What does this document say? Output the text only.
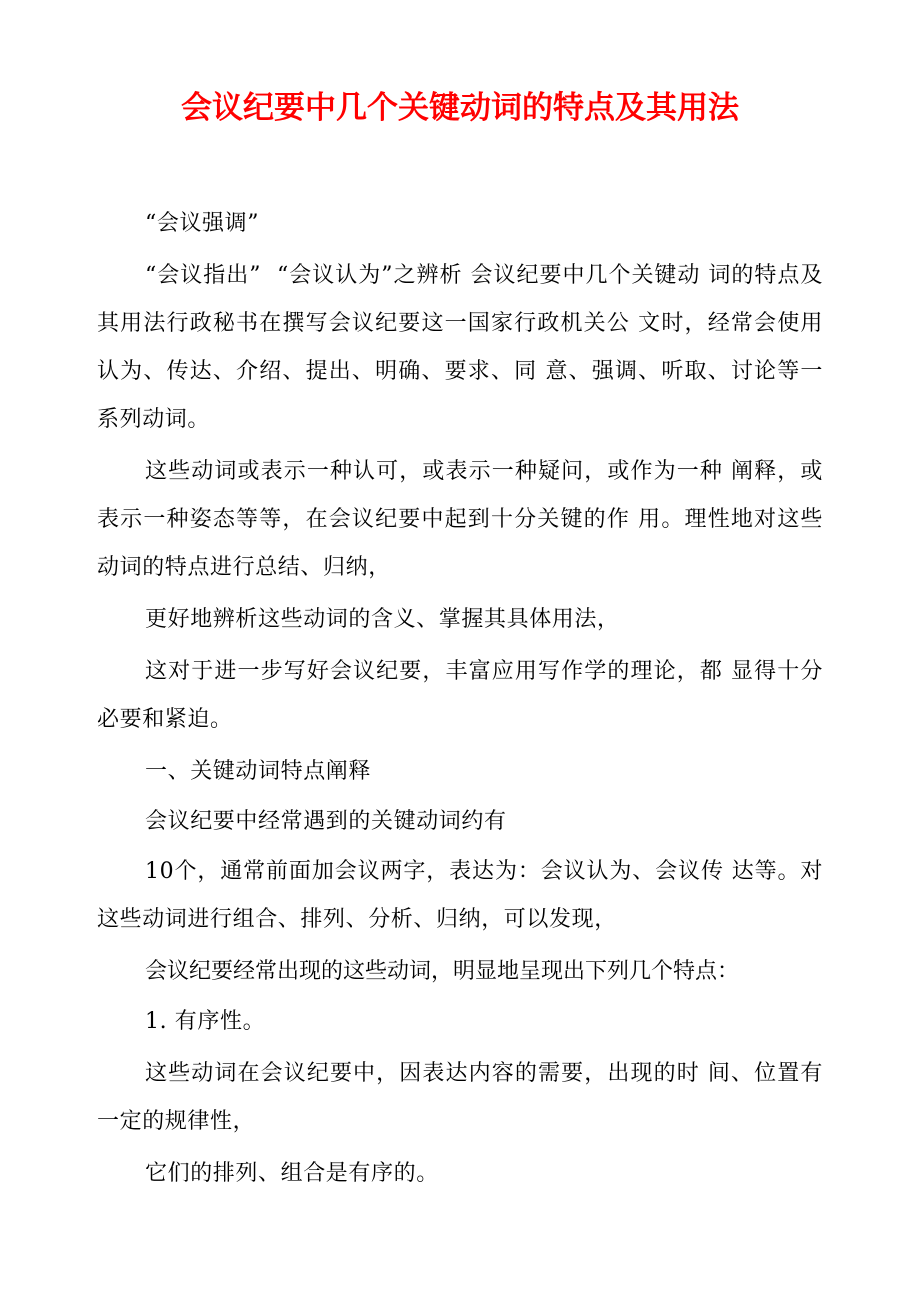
会议纪要中几个关键动词的特点及其用法

“会议强调”

“会议指出”  “会议认为”之辨析 会议纪要中几个关键动 词的特点及其用法行政秘书在撰写会议纪要这一国家行政机关公 文时，经常会使用认为、传达、介绍、提出、明确、要求、同 意、强调、听取、讨论等一系列动词。

这些动词或表示一种认可，或表示一种疑问，或作为一种 阐释，或表示一种姿态等等，在会议纪要中起到十分关键的作 用。理性地对这些动词的特点进行总结、归纳，

更好地辨析这些动词的含义、掌握其具体用法，

这对于进一步写好会议纪要，丰富应用写作学的理论，都 显得十分必要和紧迫。

一、关键动词特点阐释

会议纪要中经常遇到的关键动词约有

10个，通常前面加会议两字，表达为：会议认为、会议传 达等。对这些动词进行组合、排列、分析、归纳，可以发现，

会议纪要经常出现的这些动词，明显地呈现出下列几个特点：

1. 有序性。

这些动词在会议纪要中，因表达内容的需要，出现的时 间、位置有一定的规律性，

它们的排列、组合是有序的。
